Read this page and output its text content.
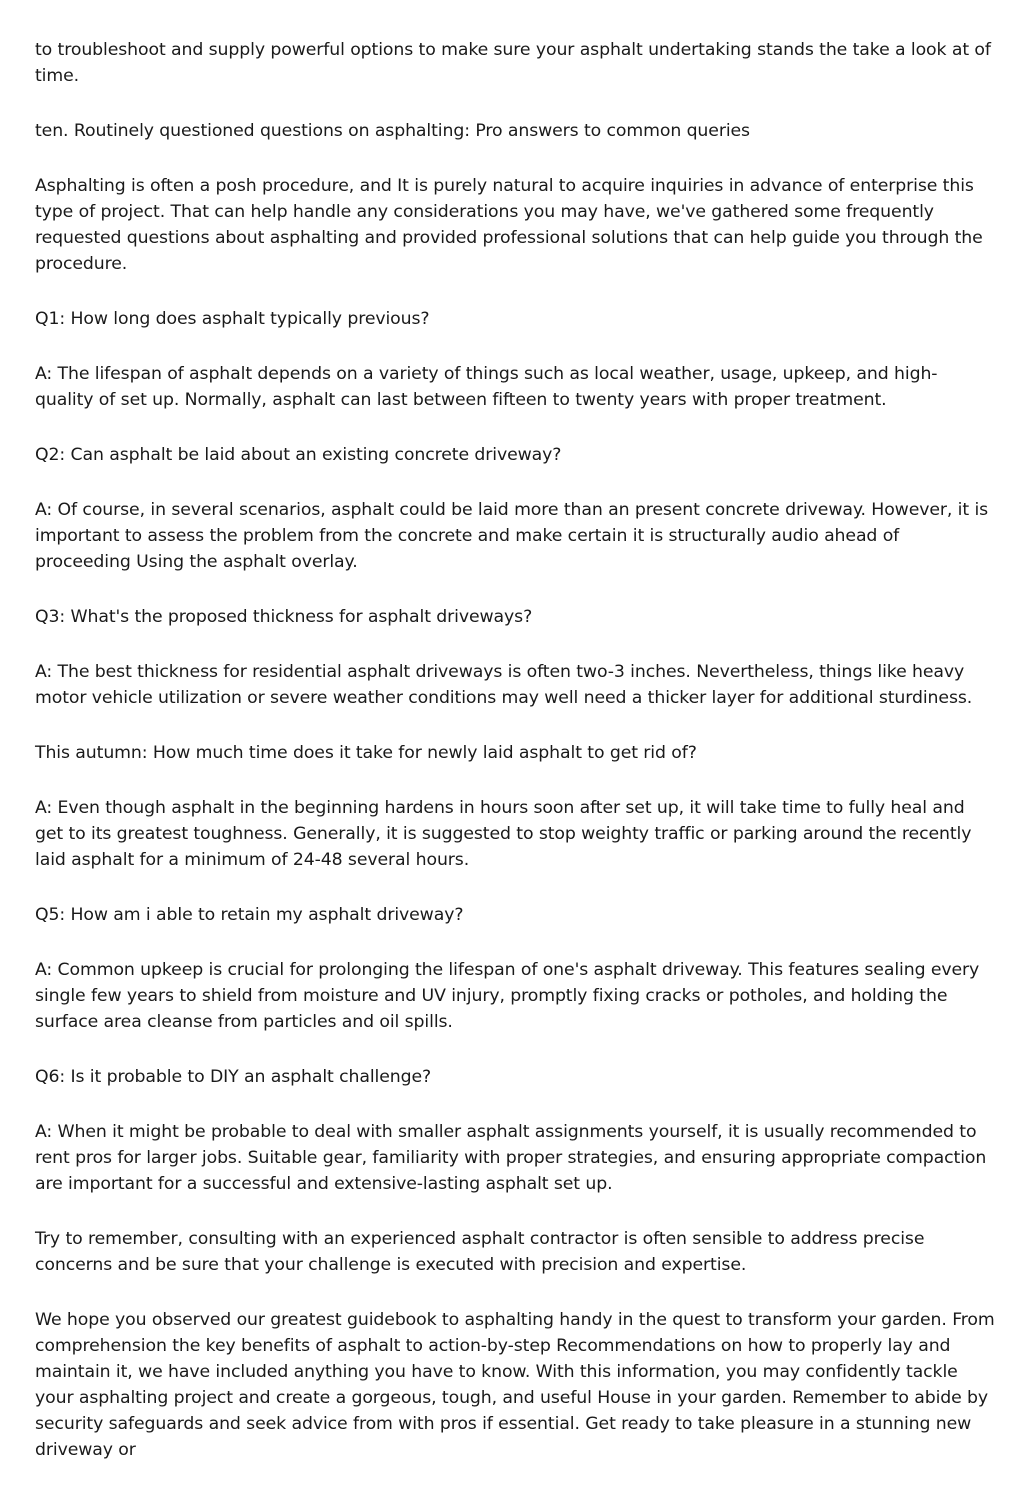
to troubleshoot and supply powerful options to make sure your asphalt undertaking stands the take a look at of time.

ten. Routinely questioned questions on asphalting: Pro answers to common queries

Asphalting is often a posh procedure, and It is purely natural to acquire inquiries in advance of enterprise this type of project. That can help handle any considerations you may have, we've gathered some frequently requested questions about asphalting and provided professional solutions that can help guide you through the procedure.

Q1: How long does asphalt typically previous?

A: The lifespan of asphalt depends on a variety of things such as local weather, usage, upkeep, and high-quality of set up. Normally, asphalt can last between fifteen to twenty years with proper treatment.

Q2: Can asphalt be laid about an existing concrete driveway?

A: Of course, in several scenarios, asphalt could be laid more than an present concrete driveway. However, it is important to assess the problem from the concrete and make certain it is structurally audio ahead of proceeding Using the asphalt overlay.

Q3: What's the proposed thickness for asphalt driveways?

A: The best thickness for residential asphalt driveways is often two-3 inches. Nevertheless, things like heavy motor vehicle utilization or severe weather conditions may well need a thicker layer for additional sturdiness.

This autumn: How much time does it take for newly laid asphalt to get rid of?

A: Even though asphalt in the beginning hardens in hours soon after set up, it will take time to fully heal and get to its greatest toughness. Generally, it is suggested to stop weighty traffic or parking around the recently laid asphalt for a minimum of 24-48 several hours.

Q5: How am i able to retain my asphalt driveway?

A: Common upkeep is crucial for prolonging the lifespan of one's asphalt driveway. This features sealing every single few years to shield from moisture and UV injury, promptly fixing cracks or potholes, and holding the surface area cleanse from particles and oil spills.

Q6: Is it probable to DIY an asphalt challenge?

A: When it might be probable to deal with smaller asphalt assignments yourself, it is usually recommended to rent pros for larger jobs. Suitable gear, familiarity with proper strategies, and ensuring appropriate compaction are important for a successful and extensive-lasting asphalt set up.

Try to remember, consulting with an experienced asphalt contractor is often sensible to address precise concerns and be sure that your challenge is executed with precision and expertise.

We hope you observed our greatest guidebook to asphalting handy in the quest to transform your garden. From comprehension the key benefits of asphalt to action-by-step Recommendations on how to properly lay and maintain it, we have included anything you have to know. With this information, you may confidently tackle your asphalting project and create a gorgeous, tough, and useful House in your garden. Remember to abide by security safeguards and seek advice from with pros if essential. Get ready to take pleasure in a stunning new driveway or
